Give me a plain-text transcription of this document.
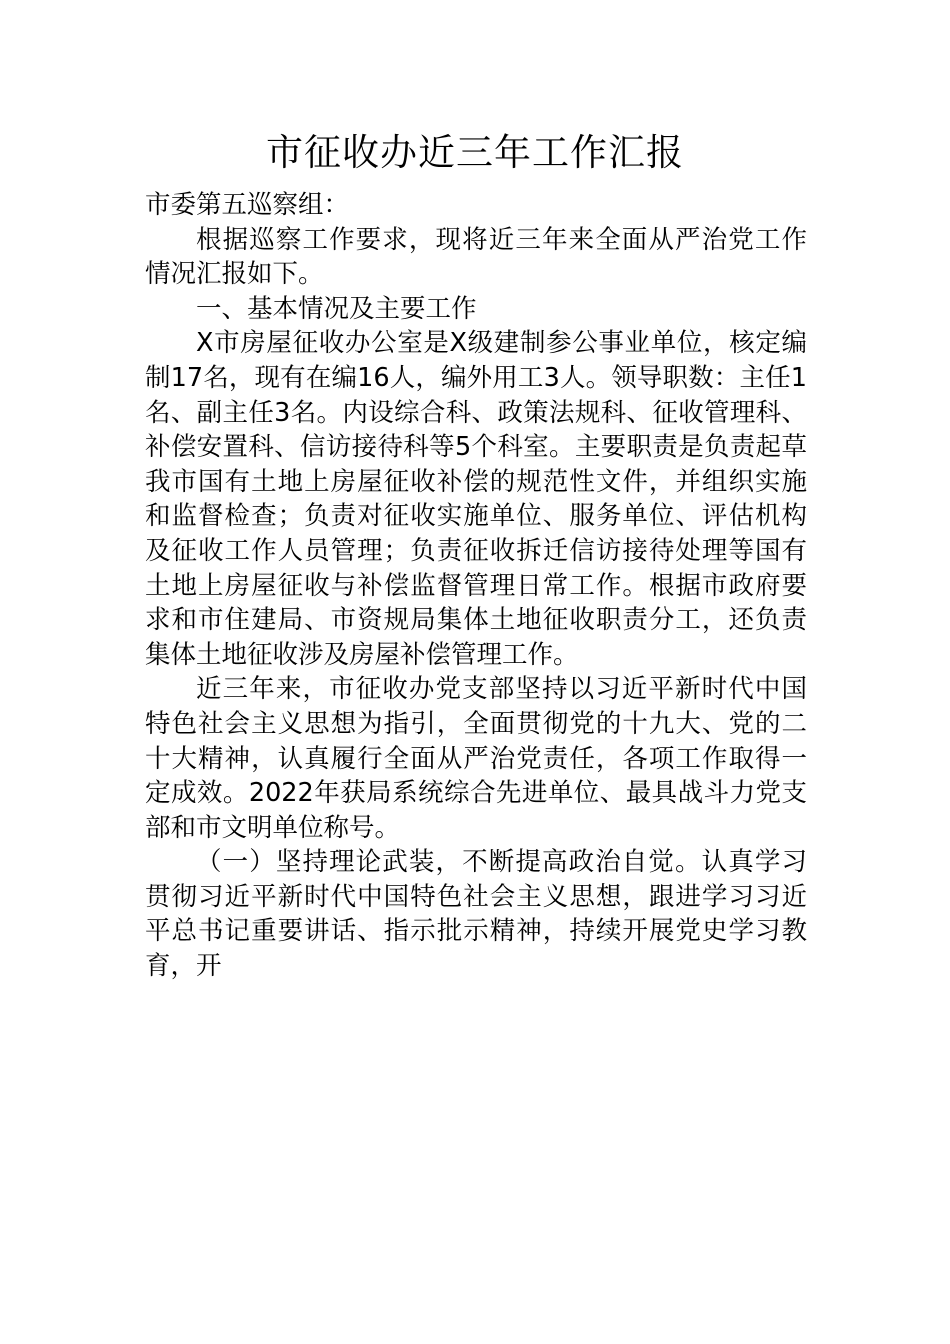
市征收办近三年工作汇报

市委第五巡察组：

根据巡察工作要求，现将近三年来全面从严治党工作情况汇报如下。

一、基本情况及主要工作

X市房屋征收办公室是X级建制参公事业单位，核定编制17名，现有在编16人，编外用工3人。领导职数：主任1名、副主任3名。内设综合科、政策法规科、征收管理科、补偿安置科、信访接待科等5个科室。主要职责是负责起草我市国有土地上房屋征收补偿的规范性文件，并组织实施和监督检查；负责对征收实施单位、服务单位、评估机构及征收工作人员管理；负责征收拆迁信访接待处理等国有土地上房屋征收与补偿监督管理日常工作。根据市政府要求和市住建局、市资规局集体土地征收职责分工，还负责集体土地征收涉及房屋补偿管理工作。

近三年来，市征收办党支部坚持以习近平新时代中国特色社会主义思想为指引，全面贯彻党的十九大、党的二十大精神，认真履行全面从严治党责任，各项工作取得一定成效。2022年获局系统综合先进单位、最具战斗力党支部和市文明单位称号。

（一）坚持理论武装，不断提高政治自觉。认真学习贯彻习近平新时代中国特色社会主义思想，跟进学习习近平总书记重要讲话、指示批示精神，持续开展党史学习教育，开
